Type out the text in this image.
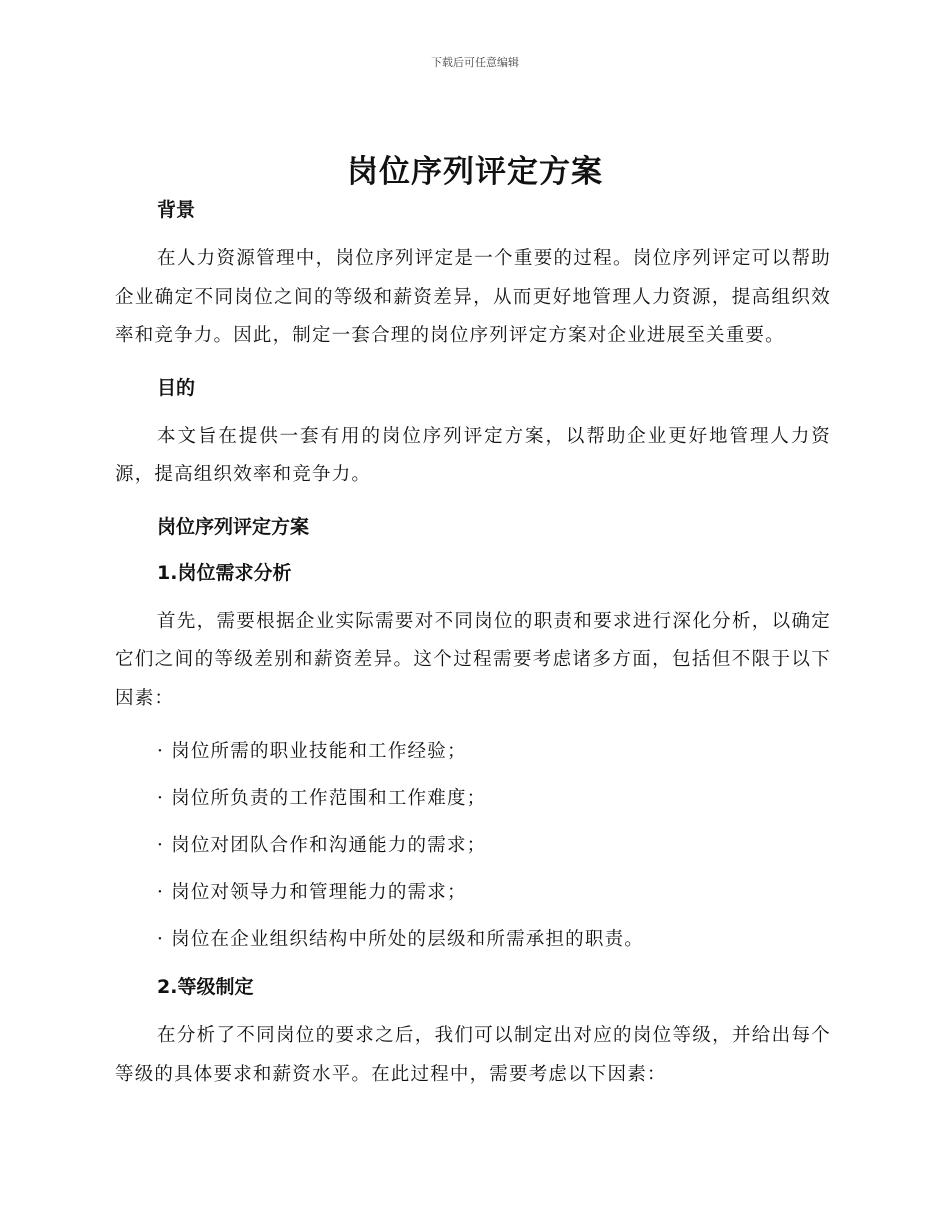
下载后可任意编辑
岗位序列评定方案
背景

在人力资源管理中，岗位序列评定是一个重要的过程。岗位序列评定可以帮助企业确定不同岗位之间的等级和薪资差异，从而更好地管理人力资源，提高组织效率和竞争力。因此，制定一套合理的岗位序列评定方案对企业进展至关重要。

目的

本文旨在提供一套有用的岗位序列评定方案，以帮助企业更好地管理人力资源，提高组织效率和竞争力。

岗位序列评定方案
1.岗位需求分析

首先，需要根据企业实际需要对不同岗位的职责和要求进行深化分析，以确定它们之间的等级差别和薪资差异。这个过程需要考虑诸多方面，包括但不限于以下因素：

· 岗位所需的职业技能和工作经验；

· 岗位所负责的工作范围和工作难度；

· 岗位对团队合作和沟通能力的需求；

· 岗位对领导力和管理能力的需求；

· 岗位在企业组织结构中所处的层级和所需承担的职责。

2.等级制定

在分析了不同岗位的要求之后，我们可以制定出对应的岗位等级，并给出每个等级的具体要求和薪资水平。在此过程中，需要考虑以下因素：
